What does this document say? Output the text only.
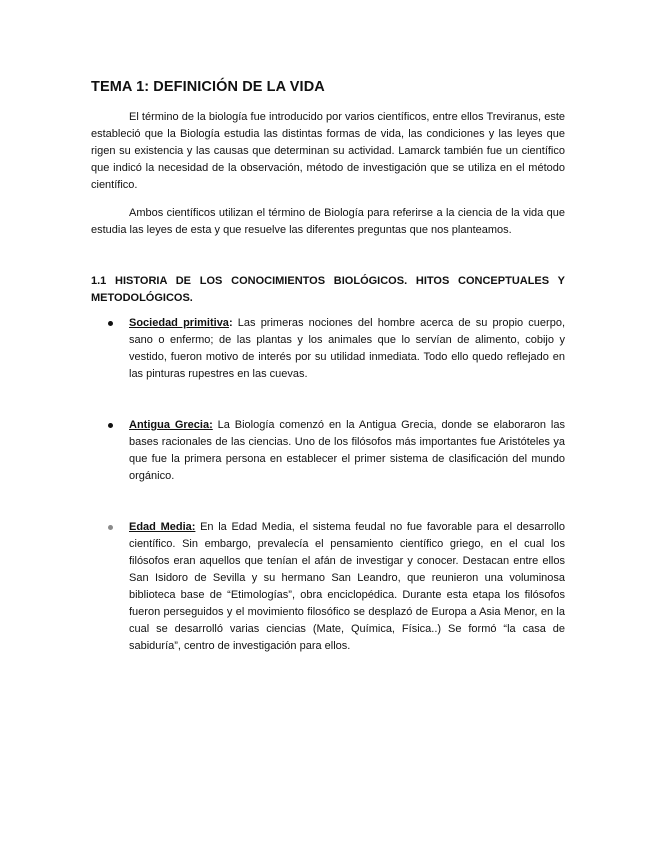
TEMA 1: DEFINICIÓN DE LA VIDA

El término de la biología fue introducido por varios científicos, entre ellos Treviranus, este estableció que la Biología estudia las distintas formas de vida, las condiciones y las leyes que rigen su existencia y las causas que determinan su actividad. Lamarck también fue un científico que indicó la necesidad de la observación, método de investigación que se utiliza en el método científico.

Ambos científicos utilizan el término de Biología para referirse a la ciencia de la vida que estudia las leyes de esta y que resuelve las diferentes preguntas que nos planteamos.

1.1 HISTORIA DE LOS CONOCIMIENTOS BIOLÓGICOS. HITOS CONCEPTUALES Y METODOLÓGICOS.
Sociedad primitiva: Las primeras nociones del hombre acerca de su propio cuerpo, sano o enfermo; de las plantas y los animales que lo servían de alimento, cobijo y vestido, fueron motivo de interés por su utilidad inmediata. Todo ello quedo reflejado en las pinturas rupestres en las cuevas.
Antigua Grecia: La Biología comenzó en la Antigua Grecia, donde se elaboraron las bases racionales de las ciencias. Uno de los filósofos más importantes fue Aristóteles ya que fue la primera persona en establecer el primer sistema de clasificación del mundo orgánico.
Edad Media: En la Edad Media, el sistema feudal no fue favorable para el desarrollo científico. Sin embargo, prevalecía el pensamiento científico griego, en el cual los filósofos eran aquellos que tenían el afán de investigar y conocer. Destacan entre ellos San Isidoro de Sevilla y su hermano San Leandro, que reunieron una voluminosa biblioteca base de “Etimologías”, obra enciclopédica. Durante esta etapa los filósofos fueron perseguidos y el movimiento filosófico se desplazó de Europa a Asia Menor, en la cual se desarrolló varias ciencias (Mate, Química, Física..) Se formó “la casa de sabiduría”, centro de investigación para ellos.
